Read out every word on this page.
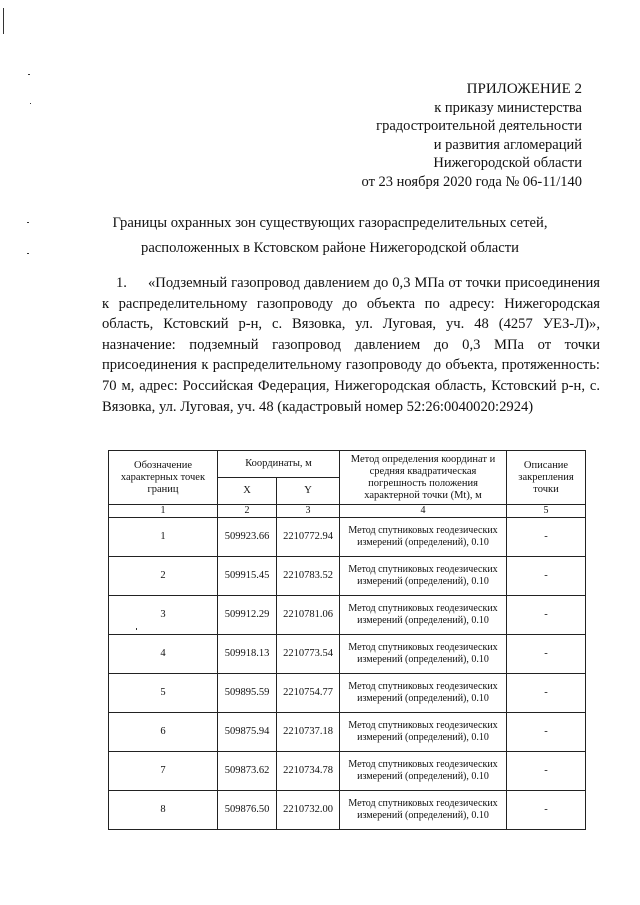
ПРИЛОЖЕНИЕ 2
к приказу министерства
градостроительной деятельности
и развития агломераций
Нижегородской области
от 23 ноября 2020 года № 06-11/140
Границы охранных зон существующих газораспределительных сетей,
расположенных в Кстовском районе Нижегородской области
1. «Подземный газопровод давлением до 0,3 МПа от точки присоединения к распределительному газопроводу до объекта по адресу: Нижегородская область, Кстовский р-н, с. Вязовка, ул. Луговая, уч. 48 (4257 УЕЗ-Л)», назначение: подземный газопровод давлением до 0,3 МПа от точки присоединения к распределительному газопроводу до объекта, протяженность: 70 м, адрес: Российская Федерация, Нижегородская область, Кстовский р-н, с. Вязовка, ул. Луговая, уч. 48 (кадастровый номер 52:26:0040020:2924)
Обозначение характерных точек границ	Координаты, м		Метод определения координат и средняя квадратическая погрешность положения характерной точки (Mt), м	Описание закрепления точки
	X	Y		
1	2	3	4	5
1	509923.66	2210772.94	Метод спутниковых геодезических измерений (определений), 0.10	-
2	509915.45	2210783.52	Метод спутниковых геодезических измерений (определений), 0.10	-
3	509912.29	2210781.06	Метод спутниковых геодезических измерений (определений), 0.10	-
4	509918.13	2210773.54	Метод спутниковых геодезических измерений (определений), 0.10	-
5	509895.59	2210754.77	Метод спутниковых геодезических измерений (определений), 0.10	-
6	509875.94	2210737.18	Метод спутниковых геодезических измерений (определений), 0.10	-
7	509873.62	2210734.78	Метод спутниковых геодезических измерений (определений), 0.10	-
8	509876.50	2210732.00	Метод спутниковых геодезических измерений (определений), 0.10	-
